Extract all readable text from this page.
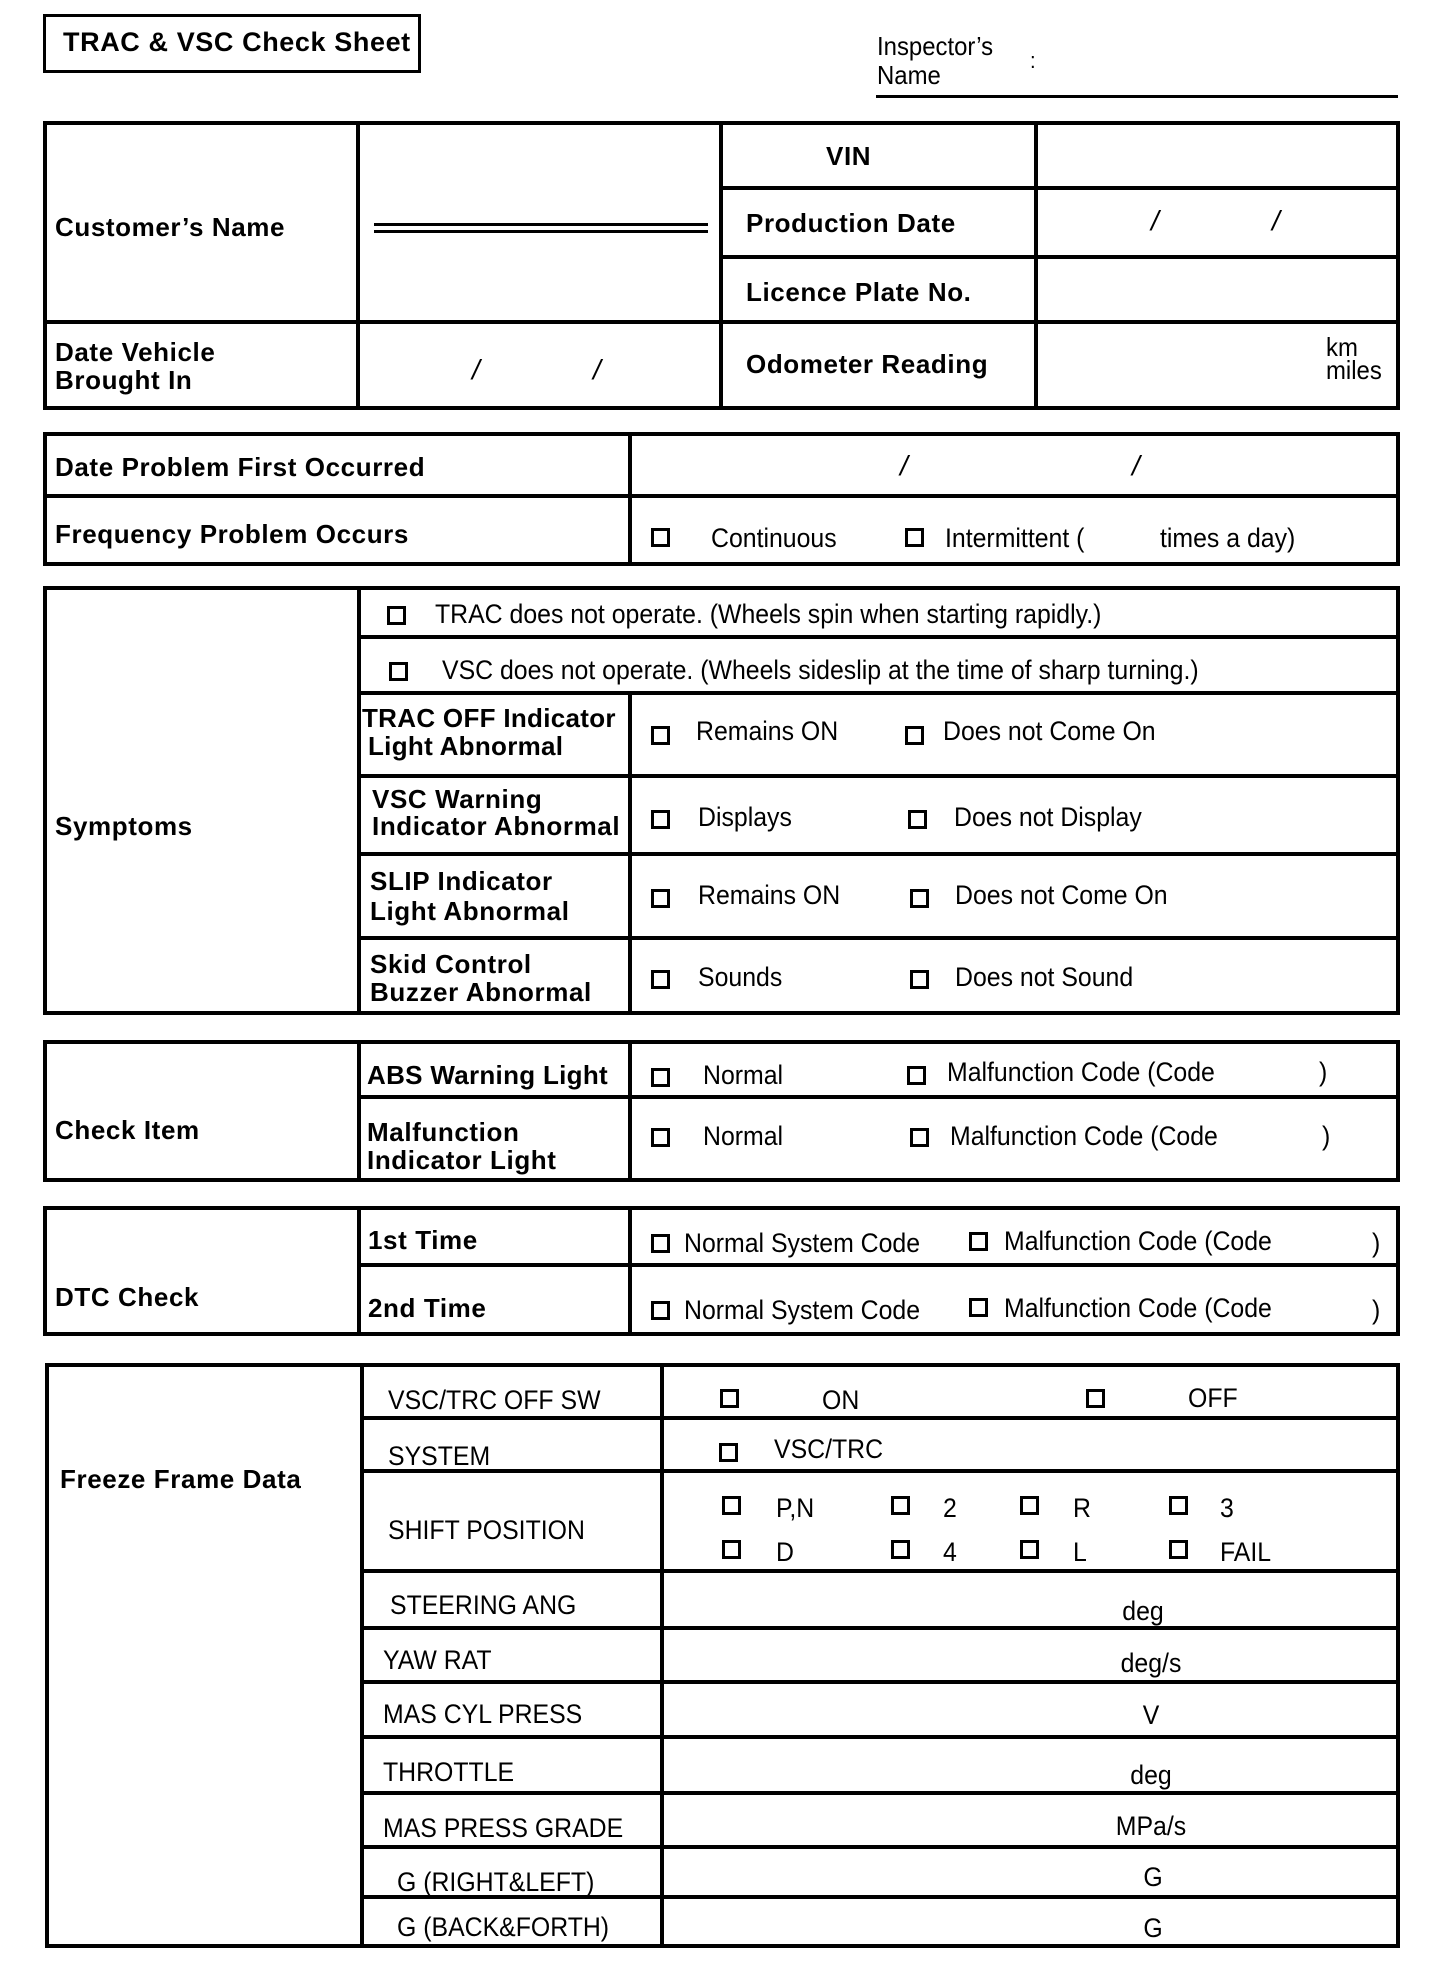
TRAC & VSC Check Sheet	Inspector’s
Name	:
Customer’s Name
Date Vehicle
Brought In	/	/
VIN
Production Date	/	/
Licence Plate No.
Odometer Reading
km
miles
Date Problem First Occurred	/	/
Frequency Problem Occurs	Continuous	Intermittent (	times a day)
Symptoms
TRAC does not operate. (Wheels spin when starting rapidly.)
VSC does not operate. (Wheels sideslip at the time of sharp turning.)
TRAC OFF Indicator
Light Abnormal	Remains ON	Does not Come On
VSC Warning
Indicator Abnormal	Displays	Does not Display
SLIP Indicator
Light Abnormal
Remains ON	Does not Come On
Skid Control
Buzzer Abnormal	Sounds	Does not Sound
Check Item
ABS Warning Light	Normal	Malfunction Code (Code	)
Malfunction
Indicator Light
Normal	Malfunction Code (Code	)
DTC Check
1st Time	Normal System Code	Malfunction Code (Code	)
2nd Time	Normal System Code	Malfunction Code (Code	)
Freeze Frame Data
VSC/TRC OFF SW	ON	OFF
SYSTEM	VSC/TRC
SHIFT POSITION
P,N	2	R	3
D	4	L	FAIL
STEERING ANG	deg
YAW RAT	deg/s
MAS CYL PRESS	V
THROTTLE	deg
MAS PRESS GRADE	MPa/s
G (RIGHT&LEFT)	G
G (BACK&FORTH)	G
